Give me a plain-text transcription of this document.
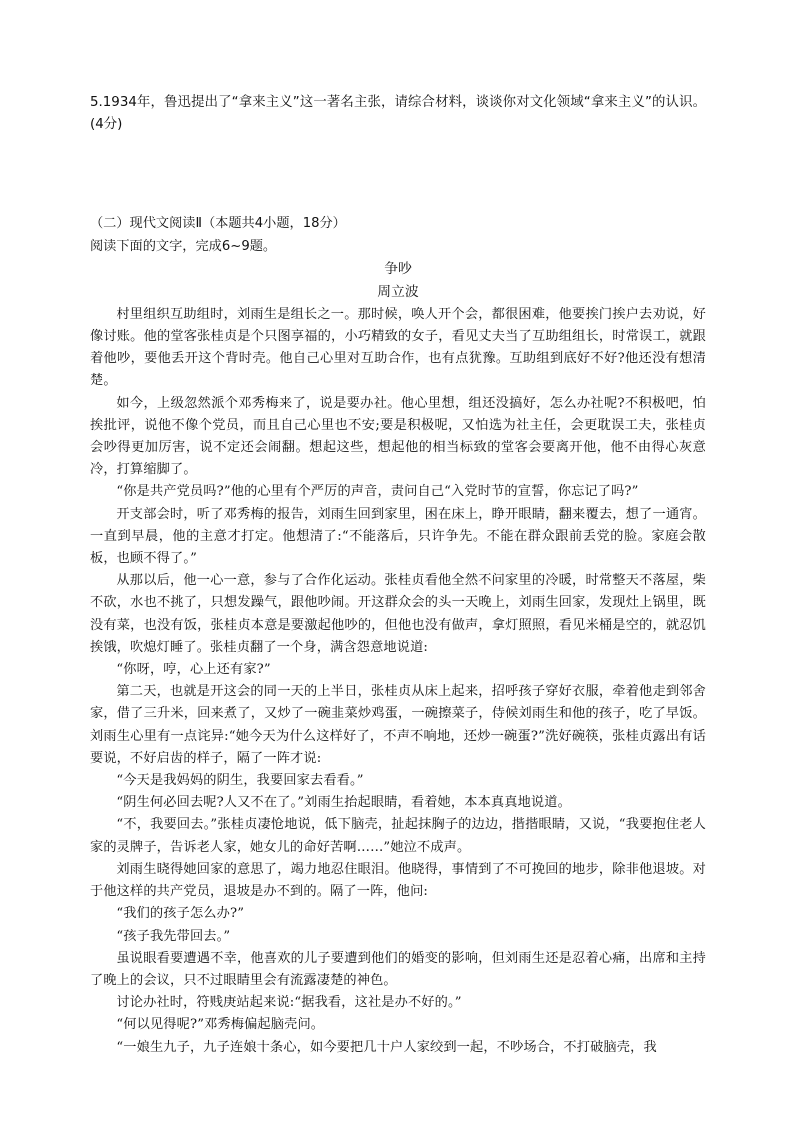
5.1934年，鲁迅提出了“拿来主义”这一著名主张，请综合材料，谈谈你对文化领域“拿来主义”的认识。(4分)

（二）现代文阅读Ⅱ（本题共4小题，18分）

阅读下面的文字，完成6~9题。

争吵

周立波

村里组织互助组时，刘雨生是组长之一。那时候，唤人开个会，都很困难，他要挨门挨户去劝说，好像讨账。他的堂客张桂贞是个只图享福的，小巧精致的女子，看见丈夫当了互助组组长，时常误工，就跟着他吵，要他丢开这个背时壳。他自己心里对互助合作，也有点犹豫。互助组到底好不好?他还没有想清楚。

如今，上级忽然派个邓秀梅来了，说是要办社。他心里想，组还没搞好，怎么办社呢?不积极吧，怕挨批评，说他不像个党员，而且自己心里也不安;要是积极呢，又怕选为社主任，会更耽误工夫，张桂贞会吵得更加厉害，说不定还会闹翻。想起这些，想起他的相当标致的堂客会要离开他，他不由得心灰意冷，打算缩脚了。

“你是共产党员吗?”他的心里有个严厉的声音，责问自己“入党时节的宣誓，你忘记了吗?”

开支部会时，听了邓秀梅的报告，刘雨生回到家里，困在床上，睁开眼睛，翻来覆去，想了一通宵。一直到早晨，他的主意才打定。他想清了:“不能落后，只许争先。不能在群众跟前丢党的脸。家庭会散板，也顾不得了。”

从那以后，他一心一意，参与了合作化运动。张桂贞看他全然不问家里的冷暖，时常整天不落屋，柴不砍，水也不挑了，只想发躁气，跟他吵闹。开这群众会的头一天晚上，刘雨生回家，发现灶上锅里，既没有菜，也没有饭，张桂贞本意是要激起他吵的，但他也没有做声，拿灯照照，看见米桶是空的，就忍饥挨饿，吹熄灯睡了。张桂贞翻了一个身，满含怨意地说道:

“你呀，哼，心上还有家?”

第二天，也就是开这会的同一天的上半日，张桂贞从床上起来，招呼孩子穿好衣服，牵着他走到邻舍家，借了三升米，回来煮了，又炒了一碗韭菜炒鸡蛋，一碗擦菜子，侍候刘雨生和他的孩子，吃了早饭。刘雨生心里有一点诧异:“她今天为什么这样好了，不声不响地，还炒一碗蛋?”洗好碗筷，张桂贞露出有话要说，不好启齿的样子，隔了一阵才说:

“今天是我妈妈的阴生，我要回家去看看。”

“阴生何必回去呢?人又不在了。”刘雨生抬起眼睛，看着她，本本真真地说道。

“不，我要回去。”张桂贞凄怆地说，低下脑壳，扯起抹胸子的边边，揩揩眼睛，又说，“我要抱住老人家的灵牌子，告诉老人家，她女儿的命好苦啊……”她泣不成声。

刘雨生晓得她回家的意思了，竭力地忍住眼泪。他晓得，事情到了不可挽回的地步，除非他退坡。对于他这样的共产党员，退坡是办不到的。隔了一阵，他问:

“我们的孩子怎么办?”

“孩子我先带回去。”

虽说眼看要遭遇不幸，他喜欢的儿子要遭到他们的婚变的影响，但刘雨生还是忍着心痛，出席和主持了晚上的会议，只不过眼睛里会有流露凄楚的神色。

讨论办社时，符贱庚站起来说:“据我看，这社是办不好的。”

“何以见得呢?”邓秀梅偏起脑壳问。

“一娘生九子，九子连娘十条心，如今要把几十户人家绞到一起，不吵场合，不打破脑壳，我
